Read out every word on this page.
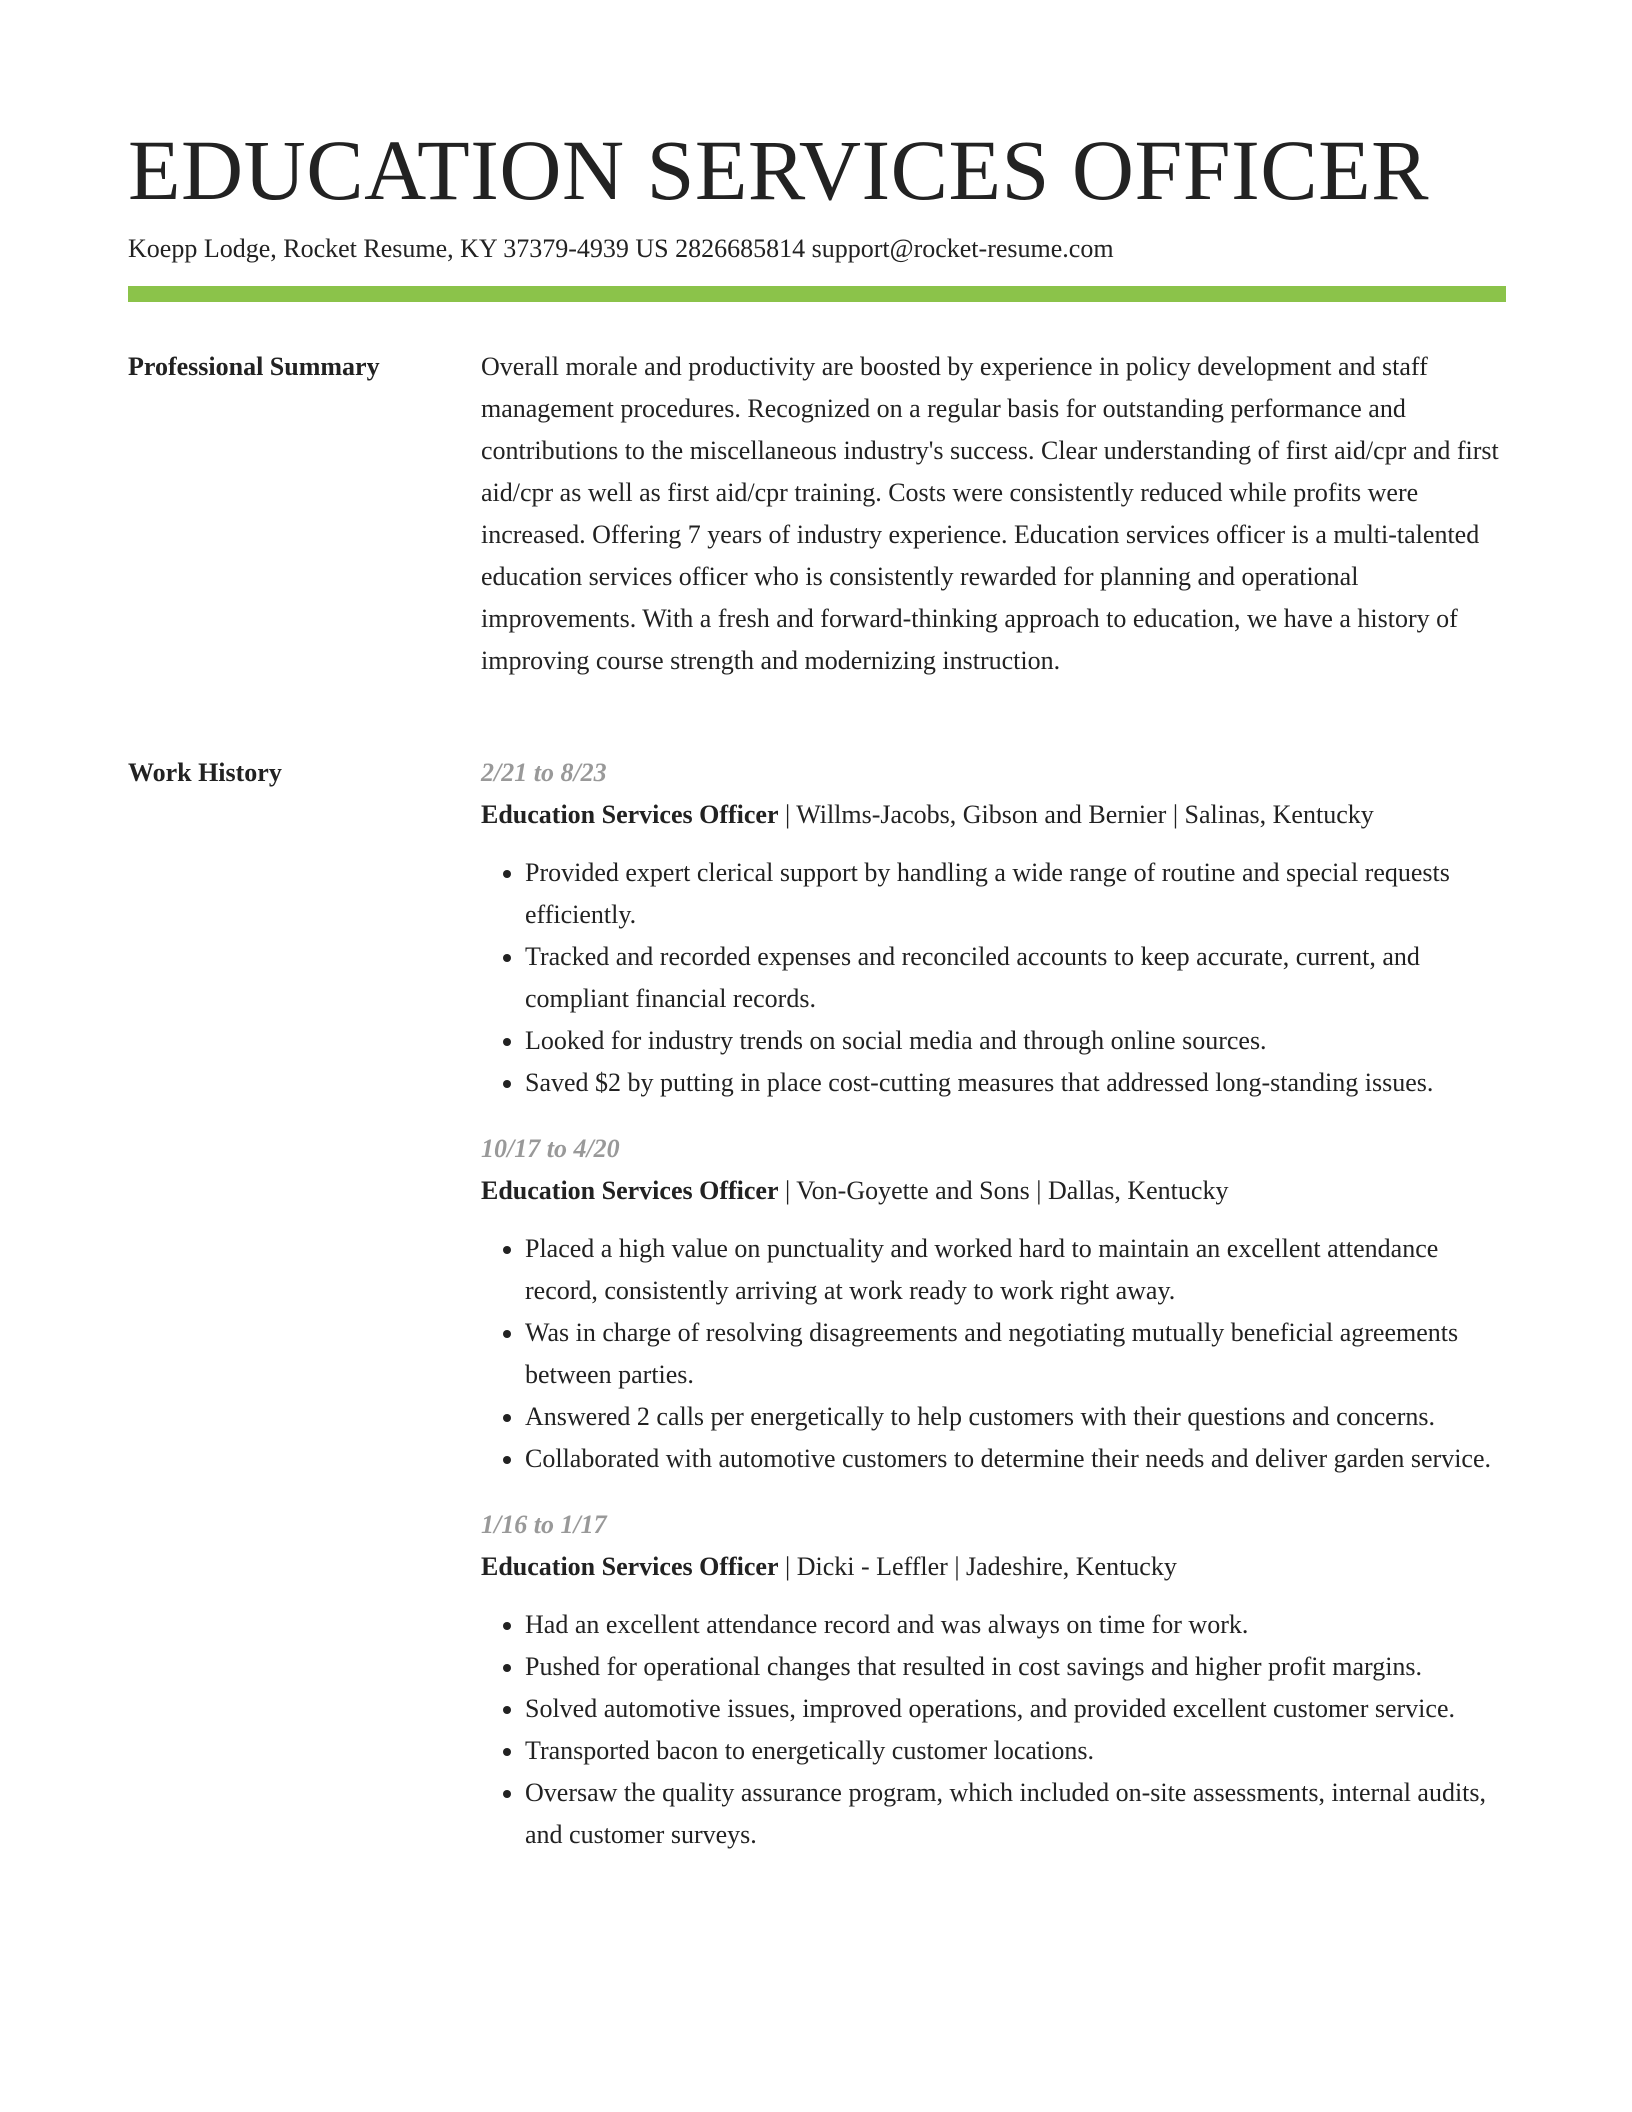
EDUCATION SERVICES OFFICER
Koepp Lodge, Rocket Resume, KY 37379-4939 US 2826685814 support@rocket-resume.com
Professional Summary	Overall morale and productivity are boosted by experience in policy development and staff management procedures. Recognized on a regular basis for outstanding performance and contributions to the miscellaneous industry's success. Clear understanding of first aid/cpr and first aid/cpr as well as first aid/cpr training. Costs were consistently reduced while profits were increased. Offering 7 years of industry experience. Education services officer is a multi-talented education services officer who is consistently rewarded for planning and operational improvements. With a fresh and forward-thinking approach to education, we have a history of improving course strength and modernizing instruction.

Work History	2/21 to 8/23
Education Services Officer | Willms-Jacobs, Gibson and Bernier | Salinas, Kentucky
• Provided expert clerical support by handling a wide range of routine and special requests efficiently.
• Tracked and recorded expenses and reconciled accounts to keep accurate, current, and compliant financial records.
• Looked for industry trends on social media and through online sources.
• Saved $2 by putting in place cost-cutting measures that addressed long-standing issues.
10/17 to 4/20
Education Services Officer | Von-Goyette and Sons | Dallas, Kentucky
• Placed a high value on punctuality and worked hard to maintain an excellent attendance record, consistently arriving at work ready to work right away.
• Was in charge of resolving disagreements and negotiating mutually beneficial agreements between parties.
• Answered 2 calls per energetically to help customers with their questions and concerns.
• Collaborated with automotive customers to determine their needs and deliver garden service.
1/16 to 1/17
Education Services Officer | Dicki - Leffler | Jadeshire, Kentucky
• Had an excellent attendance record and was always on time for work.
• Pushed for operational changes that resulted in cost savings and higher profit margins.
• Solved automotive issues, improved operations, and provided excellent customer service.
• Transported bacon to energetically customer locations.
• Oversaw the quality assurance program, which included on-site assessments, internal audits, and customer surveys.
